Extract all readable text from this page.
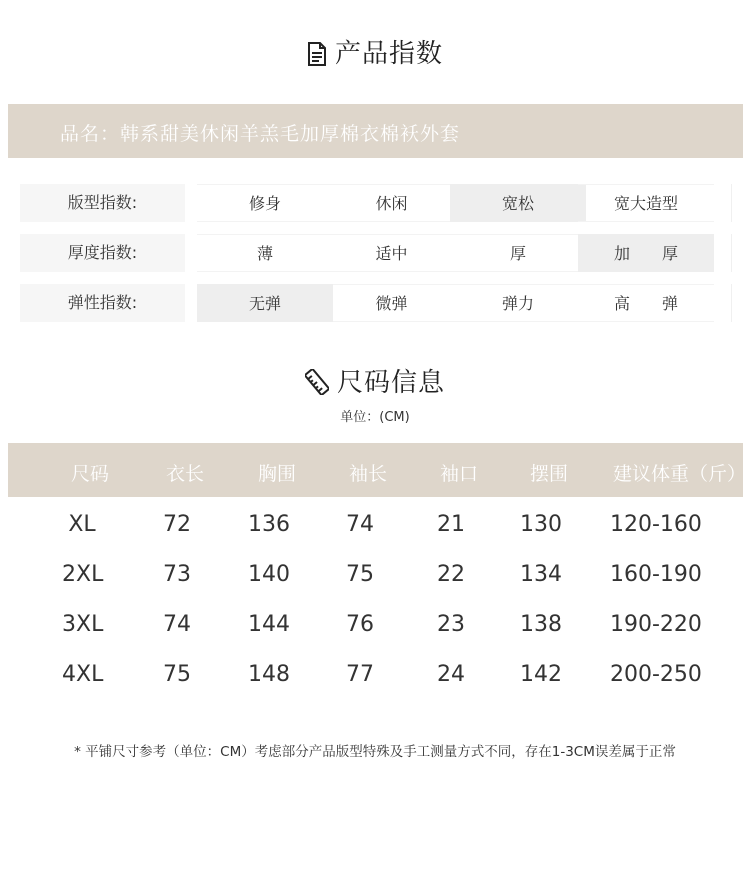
产品指数
品名：韩系甜美休闲羊羔毛加厚棉衣棉袄外套
版型指数:	修身	休闲	宽松	宽大造型
厚度指数:	薄	适中	厚	加　　厚
弹性指数:	无弹	微弹	弹力	高　　弹
尺码信息
单位：(CM)
尺码	衣长	胸围	袖长	袖口	摆围	建议体重（斤）
XL	72	136	74	21	130	120-160
2XL	73	140	75	22	134	160-190
3XL	74	144	76	23	138	190-220
4XL	75	148	77	24	142	200-250
* 平铺尺寸参考（单位：CM）考虑部分产品版型特殊及手工测量方式不同，存在1-3CM误差属于正常
